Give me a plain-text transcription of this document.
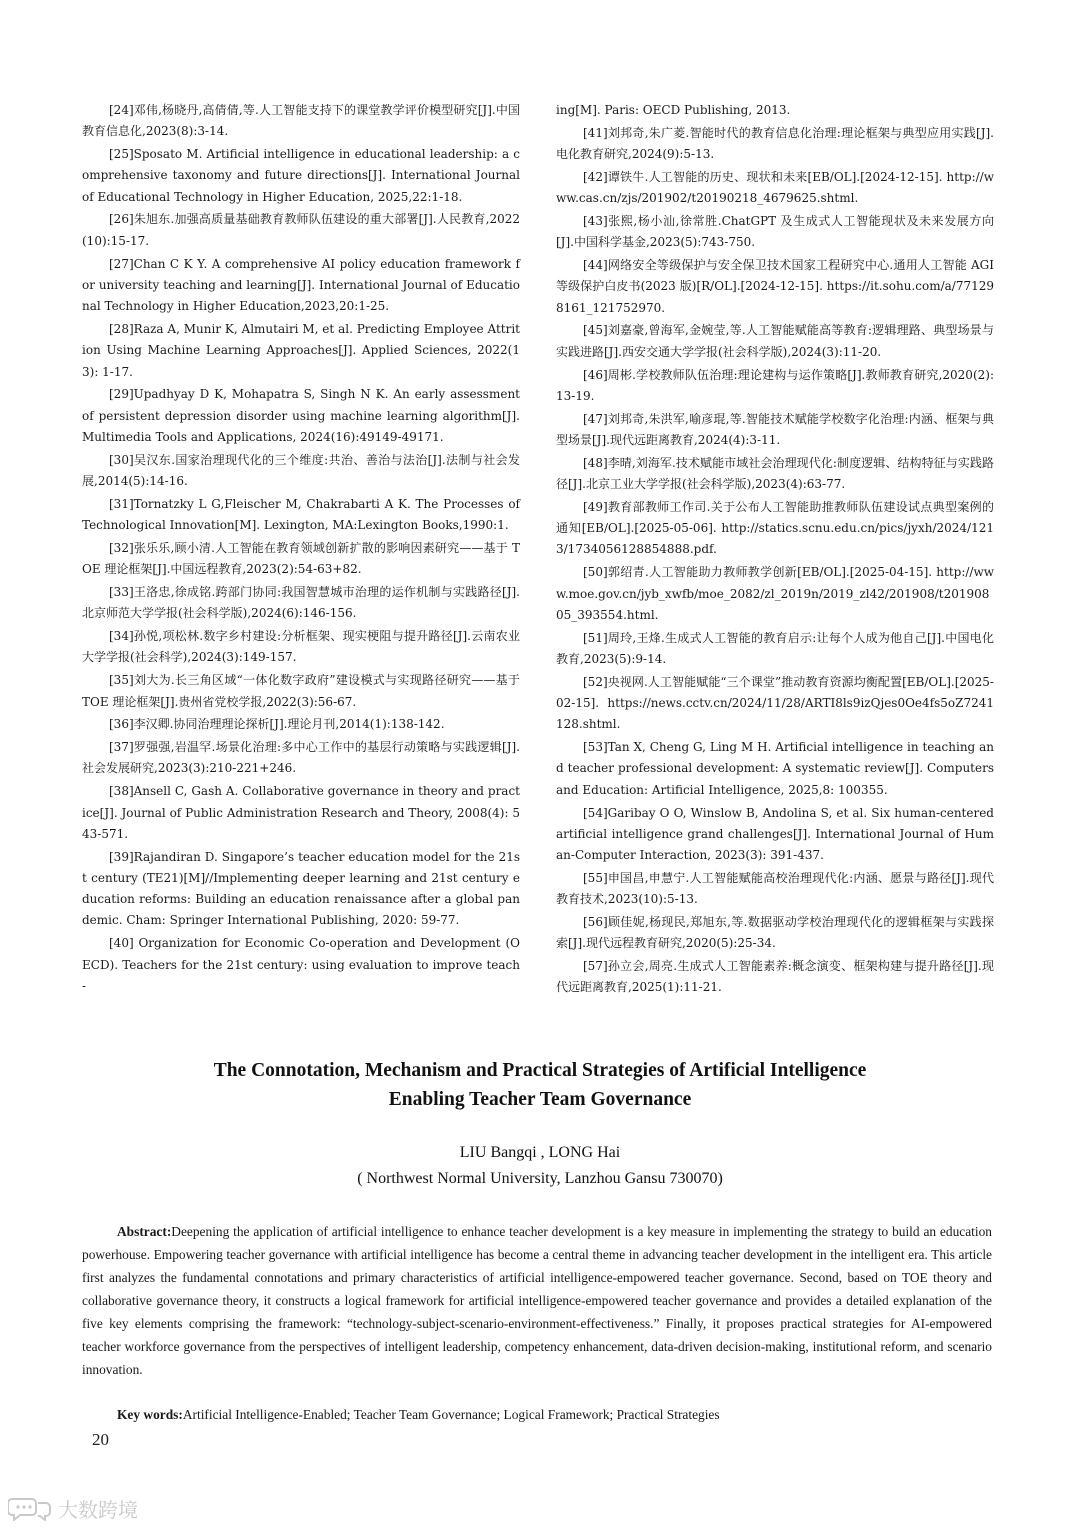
[24]邓伟,杨晓丹,高倩倩,等.人工智能支持下的课堂教学评价模型研究[J].中国教育信息化,2023(8):3-14.

[25]Sposato M. Artificial intelligence in educational leadership: a comprehensive taxonomy and future directions[J]. International Journal of Educational Technology in Higher Education, 2025,22:1-18.

[26]朱旭东.加强高质量基础教育教师队伍建设的重大部署[J].人民教育,2022(10):15-17.

[27]Chan C K Y. A comprehensive AI policy education framework for university teaching and learning[J]. International Journal of Educational Technology in Higher Education,2023,20:1-25.

[28]Raza A, Munir K, Almutairi M, et al. Predicting Employee Attrition Using Machine Learning Approaches[J]. Applied Sciences, 2022(13): 1-17.

[29]Upadhyay D K, Mohapatra S, Singh N K. An early assessment of persistent depression disorder using machine learning algorithm[J]. Multimedia Tools and Applications, 2024(16):49149-49171.

[30]吴汉东.国家治理现代化的三个维度:共治、善治与法治[J].法制与社会发展,2014(5):14-16.

[31]Tornatzky L G,Fleischer M, Chakrabarti A K. The Processes of Technological Innovation[M]. Lexington, MA:Lexington Books,1990:1.

[32]张乐乐,顾小清.人工智能在教育领域创新扩散的影响因素研究——基于 TOE 理论框架[J].中国远程教育,2023(2):54-63+82.

[33]王洛忠,徐成铭.跨部门协同:我国智慧城市治理的运作机制与实践路径[J].北京师范大学学报(社会科学版),2024(6):146-156.

[34]孙悦,项松林.数字乡村建设:分析框架、现实梗阻与提升路径[J].云南农业大学学报(社会科学),2024(3):149-157.

[35]刘大为.长三角区域“一体化数字政府”建设模式与实现路径研究——基于 TOE 理论框架[J].贵州省党校学报,2022(3):56-67.

[36]李汉卿.协同治理理论探析[J].理论月刊,2014(1):138-142.

[37]罗强强,岩温罕.场景化治理:多中心工作中的基层行动策略与实践逻辑[J].社会发展研究,2023(3):210-221+246.

[38]Ansell C, Gash A. Collaborative governance in theory and practice[J]. Journal of Public Administration Research and Theory, 2008(4): 543-571.

[39]Rajandiran D. Singapore’s teacher education model for the 21st century (TE21)[M]//Implementing deeper learning and 21st century education reforms: Building an education renaissance after a global pandemic. Cham: Springer International Publishing, 2020: 59-77.

[40] Organization for Economic Co-operation and Development (OECD). Teachers for the 21st century: using evaluation to improve teach-

ing[M]. Paris: OECD Publishing, 2013.

[41]刘邦奇,朱广菱.智能时代的教育信息化治理:理论框架与典型应用实践[J].电化教育研究,2024(9):5-13.

[42]谭铁牛.人工智能的历史、现状和未来[EB/OL].[2024-12-15]. http://www.cas.cn/zjs/201902/t20190218_4679625.shtml.

[43]张熙,杨小汕,徐常胜.ChatGPT 及生成式人工智能现状及未来发展方向[J].中国科学基金,2023(5):743-750.

[44]网络安全等级保护与安全保卫技术国家工程研究中心.通用人工智能 AGI 等级保护白皮书(2023 版)[R/OL].[2024-12-15]. https://it.sohu.com/a/771298161_121752970.

[45]刘嘉豪,曾海军,金婉莹,等.人工智能赋能高等教育:逻辑理路、典型场景与实践进路[J].西安交通大学学报(社会科学版),2024(3):11-20.

[46]周彬.学校教师队伍治理:理论建构与运作策略[J].教师教育研究,2020(2):13-19.

[47]刘邦奇,朱洪军,喻彦琨,等.智能技术赋能学校数字化治理:内涵、框架与典型场景[J].现代远距离教育,2024(4):3-11.

[48]李晴,刘海军.技术赋能市域社会治理现代化:制度逻辑、结构特征与实践路径[J].北京工业大学学报(社会科学版),2023(4):63-77.

[49]教育部教师工作司.关于公布人工智能助推教师队伍建设试点典型案例的通知[EB/OL].[2025-05-06]. http://statics.scnu.edu.cn/pics/jyxh/2024/1213/1734056128854888.pdf.

[50]郭绍青.人工智能助力教师教学创新[EB/OL].[2025-04-15]. http://www.moe.gov.cn/jyb_xwfb/moe_2082/zl_2019n/2019_zl42/201908/t20190805_393554.html.

[51]周玲,王烽.生成式人工智能的教育启示:让每个人成为他自己[J].中国电化教育,2023(5):9-14.

[52]央视网.人工智能赋能“三个课堂”推动教育资源均衡配置[EB/OL].[2025-02-15]. https://news.cctv.cn/2024/11/28/ARTI8ls9izQjes0Oe4fs5oZ7241128.shtml.

[53]Tan X, Cheng G, Ling M H. Artificial intelligence in teaching and teacher professional development: A systematic review[J]. Computers and Education: Artificial Intelligence, 2025,8: 100355.

[54]Garibay O O, Winslow B, Andolina S, et al. Six human-centered artificial intelligence grand challenges[J]. International Journal of Human-Computer Interaction, 2023(3): 391-437.

[55]申国昌,申慧宁.人工智能赋能高校治理现代化:内涵、愿景与路径[J].现代教育技术,2023(10):5-13.

[56]顾佳妮,杨现民,郑旭东,等.数据驱动学校治理现代化的逻辑框架与实践探索[J].现代远程教育研究,2020(5):25-34.

[57]孙立会,周亮.生成式人工智能素养:概念演变、框架构建与提升路径[J].现代远距离教育,2025(1):11-21.

The Connotation, Mechanism and Practical Strategies of Artificial Intelligence
Enabling Teacher Team Governance
LIU Bangqi , LONG Hai
( Northwest Normal University, Lanzhou Gansu 730070)
Abstract:Deepening the application of artificial intelligence to enhance teacher development is a key measure in implementing the strategy to build an education powerhouse. Empowering teacher governance with artificial intelligence has become a central theme in advancing teacher development in the intelligent era. This article first analyzes the fundamental connotations and primary characteristics of artificial intelligence-empowered teacher governance. Second, based on TOE theory and collaborative governance theory, it constructs a logical framework for artificial intelligence-empowered teacher governance and provides a detailed explanation of the five key elements comprising the framework: “technology-subject-scenario-environment-effectiveness.” Finally, it proposes practical strategies for AI-empowered teacher workforce governance from the perspectives of intelligent leadership, competency enhancement, data-driven decision-making, institutional reform, and scenario innovation.
Key words:Artificial Intelligence-Enabled; Teacher Team Governance; Logical Framework; Practical Strategies
20
大数跨境
